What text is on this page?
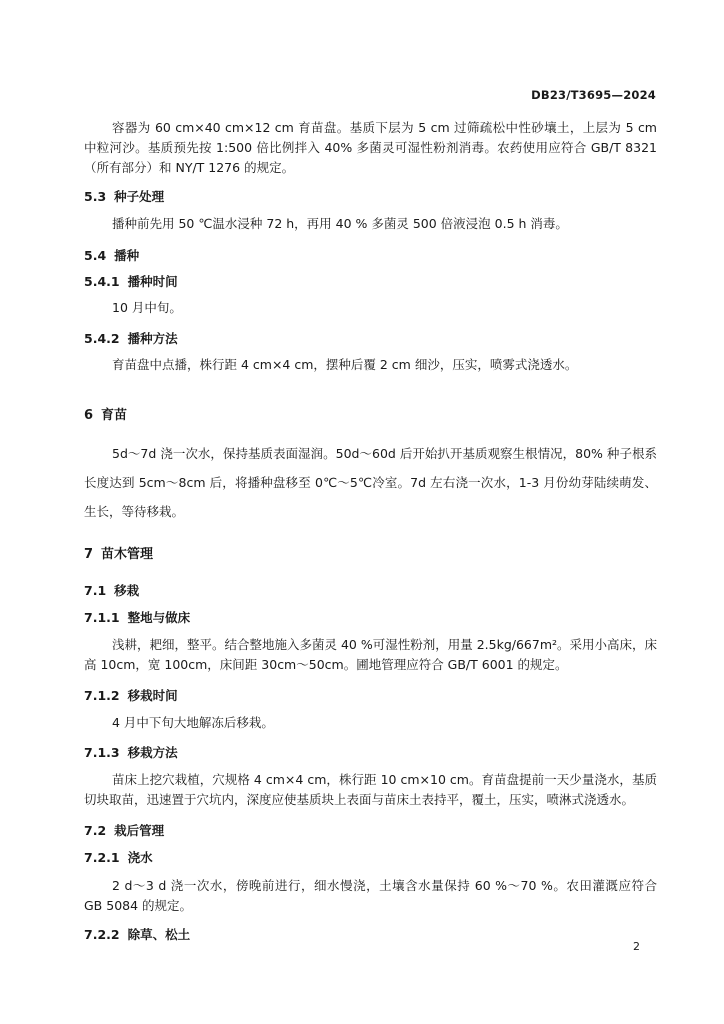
DB23/T3695—2024
容器为 60 cm×40 cm×12 cm 育苗盘。基质下层为 5 cm 过筛疏松中性砂壤土，上层为 5 cm 中粒河沙。基质预先按 1:500 倍比例拌入 40% 多菌灵可湿性粉剂消毒。农药使用应符合 GB/T 8321（所有部分）和 NY/T 1276 的规定。
5.3 种子处理
播种前先用 50 ℃温水浸种 72 h，再用 40 % 多菌灵 500 倍液浸泡 0.5 h 消毒。
5.4 播种
5.4.1 播种时间
10 月中旬。
5.4.2 播种方法
育苗盘中点播，株行距 4 cm×4 cm，摆种后覆 2 cm 细沙，压实，喷雾式浇透水。
6 育苗
5d～7d 浇一次水，保持基质表面湿润。50d～60d 后开始扒开基质观察生根情况，80% 种子根系长度达到 5cm～8cm 后，将播种盘移至 0℃～5℃冷室。7d 左右浇一次水，1-3 月份幼芽陆续萌发、生长，等待移栽。
7 苗木管理
7.1 移栽
7.1.1 整地与做床
浅耕，耙细，整平。结合整地施入多菌灵 40 %可湿性粉剂，用量 2.5kg/667m²。采用小高床，床高 10cm，宽 100cm，床间距 30cm～50cm。圃地管理应符合 GB/T 6001 的规定。
7.1.2 移栽时间
4 月中下旬大地解冻后移栽。
7.1.3 移栽方法
苗床上挖穴栽植，穴规格 4 cm×4 cm，株行距 10 cm×10 cm。育苗盘提前一天少量浇水，基质切块取苗，迅速置于穴坑内，深度应使基质块上表面与苗床土表持平，覆土，压实，喷淋式浇透水。
7.2 栽后管理
7.2.1 浇水
2 d～3 d 浇一次水，傍晚前进行，细水慢浇，土壤含水量保持 60 %～70 %。农田灌溉应符合 GB 5084 的规定。
7.2.2 除草、松土
2
